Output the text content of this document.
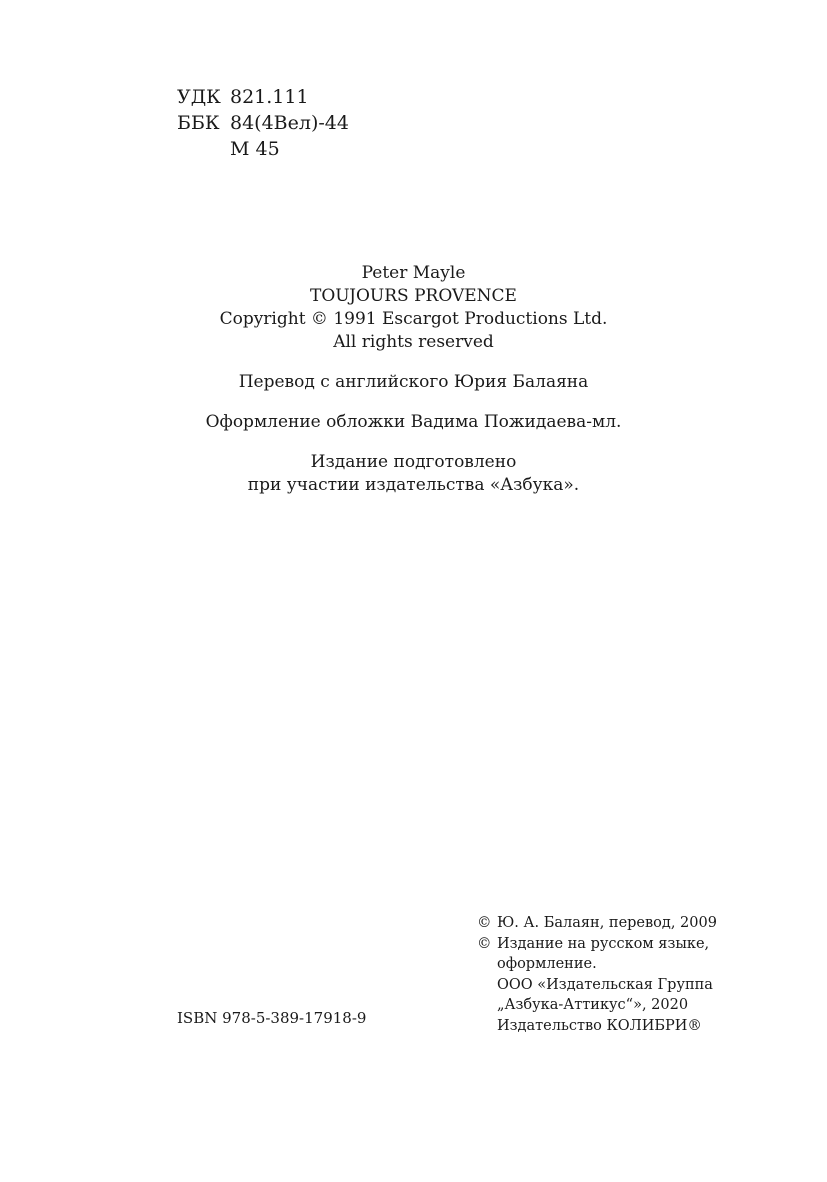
УДК 821.111
ББК 84(4Вел)-44
М 45
Peter Mayle
TOUJOURS PROVENCE
Copyright © 1991 Escargot Productions Ltd.
All rights reserved
Перевод с английского Юрия Балаяна
Оформление обложки Вадима Пожидаева-мл.
Издание подготовлено
при участии издательства «Азбука».
© Ю. А. Балаян, перевод, 2009
© Издание на русском языке,
оформление.
ООО «Издательская Группа
„Азбука-Аттикус“», 2020
Издательство КОЛИБРИ®
ISBN 978-5-389-17918-9
